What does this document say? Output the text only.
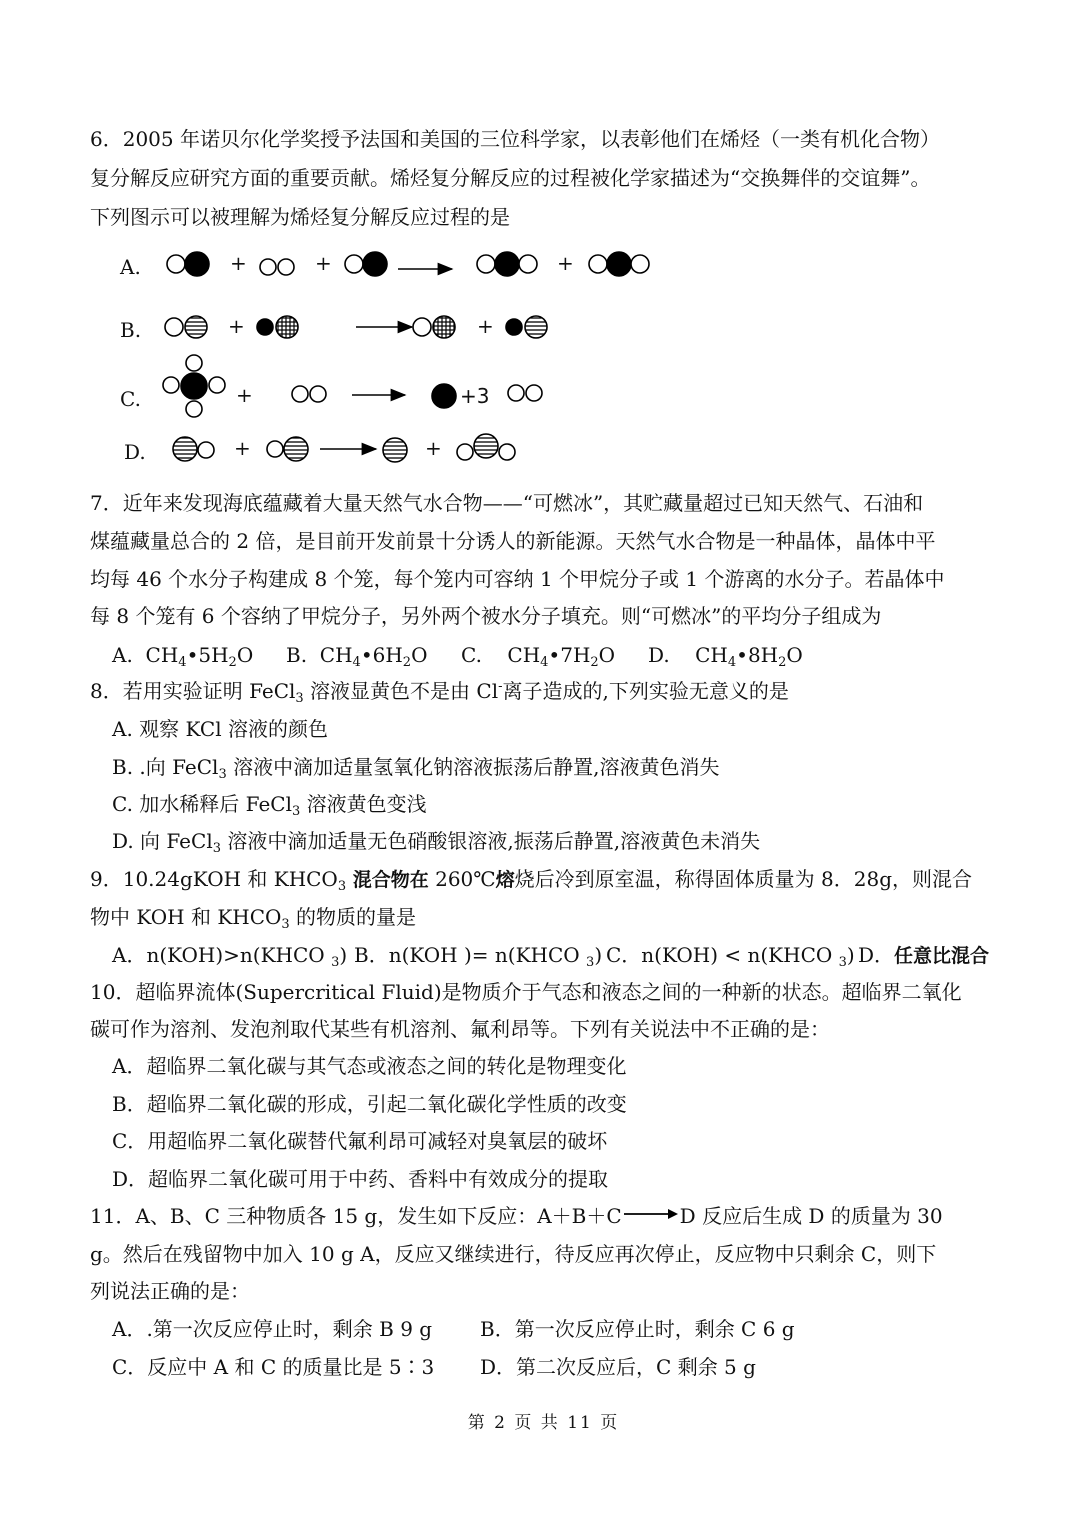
6．2005 年诺贝尔化学奖授予法国和美国的三位科学家，以表彰他们在烯烃（一类有机化合物）
复分解反应研究方面的重要贡献。烯烃复分解反应的过程被化学家描述为“交换舞伴的交谊舞”。
下列图示可以被理解为烯烃复分解反应过程的是
A.	+	+	+
B.	+	+
C.	+	+3
D.	+	+
7．近年来发现海底蕴藏着大量天然气水合物——“可燃冰”，其贮藏量超过已知天然气、石油和
煤蕴藏量总合的 2 倍，是目前开发前景十分诱人的新能源。天然气水合物是一种晶体，晶体中平
均每 46 个水分子构建成 8 个笼，每个笼内可容纳 1 个甲烷分子或 1 个游离的水分子。若晶体中
每 8 个笼有 6 个容纳了甲烷分子，另外两个被水分子填充。则“可燃冰”的平均分子组成为
A. $CH_4•5H_2O$ B. $CH_4•6H_2O$ C. $CH_4•7H_2O$ D. $CH_4•8H_2O$
8．若用实验证明 FeCl$_3$ 溶液显黄色不是由 Cl-离子造成的,下列实验无意义的是
A. 观察 KCl 溶液的颜色
B. .向 FeCl$_3$ 溶液中滴加适量氢氧化钠溶液振荡后静置,溶液黄色消失
C. 加水稀释后 FeCl$_3$ 溶液黄色变浅
D. 向 FeCl$_3$ 溶液中滴加适量无色硝酸银溶液,振荡后静置,溶液黄色未消失
9．10.24gKOH 和 $KHCO_3$ 混合物在 260℃熔烧后冷到原室温，称得固体质量为 8．28g，则混合
物中 KOH 和 $KHCO_3$ 的物质的量是
A．n(KOH)>n(KHCO $_3$) B．n(KOH )= n(KHCO $_3$) C．n(KOH) < n(KHCO $_3$) D．任意比混合
10．超临界流体(Supercritical Fluid)是物质介于气态和液态之间的一种新的状态。超临界二氧化
碳可作为溶剂、发泡剂取代某些有机溶剂、氟利昂等。下列有关说法中不正确的是：
A．超临界二氧化碳与其气态或液态之间的转化是物理变化
B．超临界二氧化碳的形成，引起二氧化碳化学性质的改变
C．用超临界二氧化碳替代氟利昂可减轻对臭氧层的破坏
D．超临界二氧化碳可用于中药、香料中有效成分的提取
11．A、B、C 三种物质各 15 g，发生如下反应：A＋B＋C→D 反应后生成 D 的质量为 30
g。然后在残留物中加入 10 g A，反应又继续进行，待反应再次停止，反应物中只剩余 C，则下
列说法正确的是：
A．.第一次反应停止时，剩余 B 9 g B．第一次反应停止时，剩余 C 6 g
C．反应中 A 和 C 的质量比是 5∶3 D．第二次反应后，C 剩余 5 g
第 2 页 共 11 页
